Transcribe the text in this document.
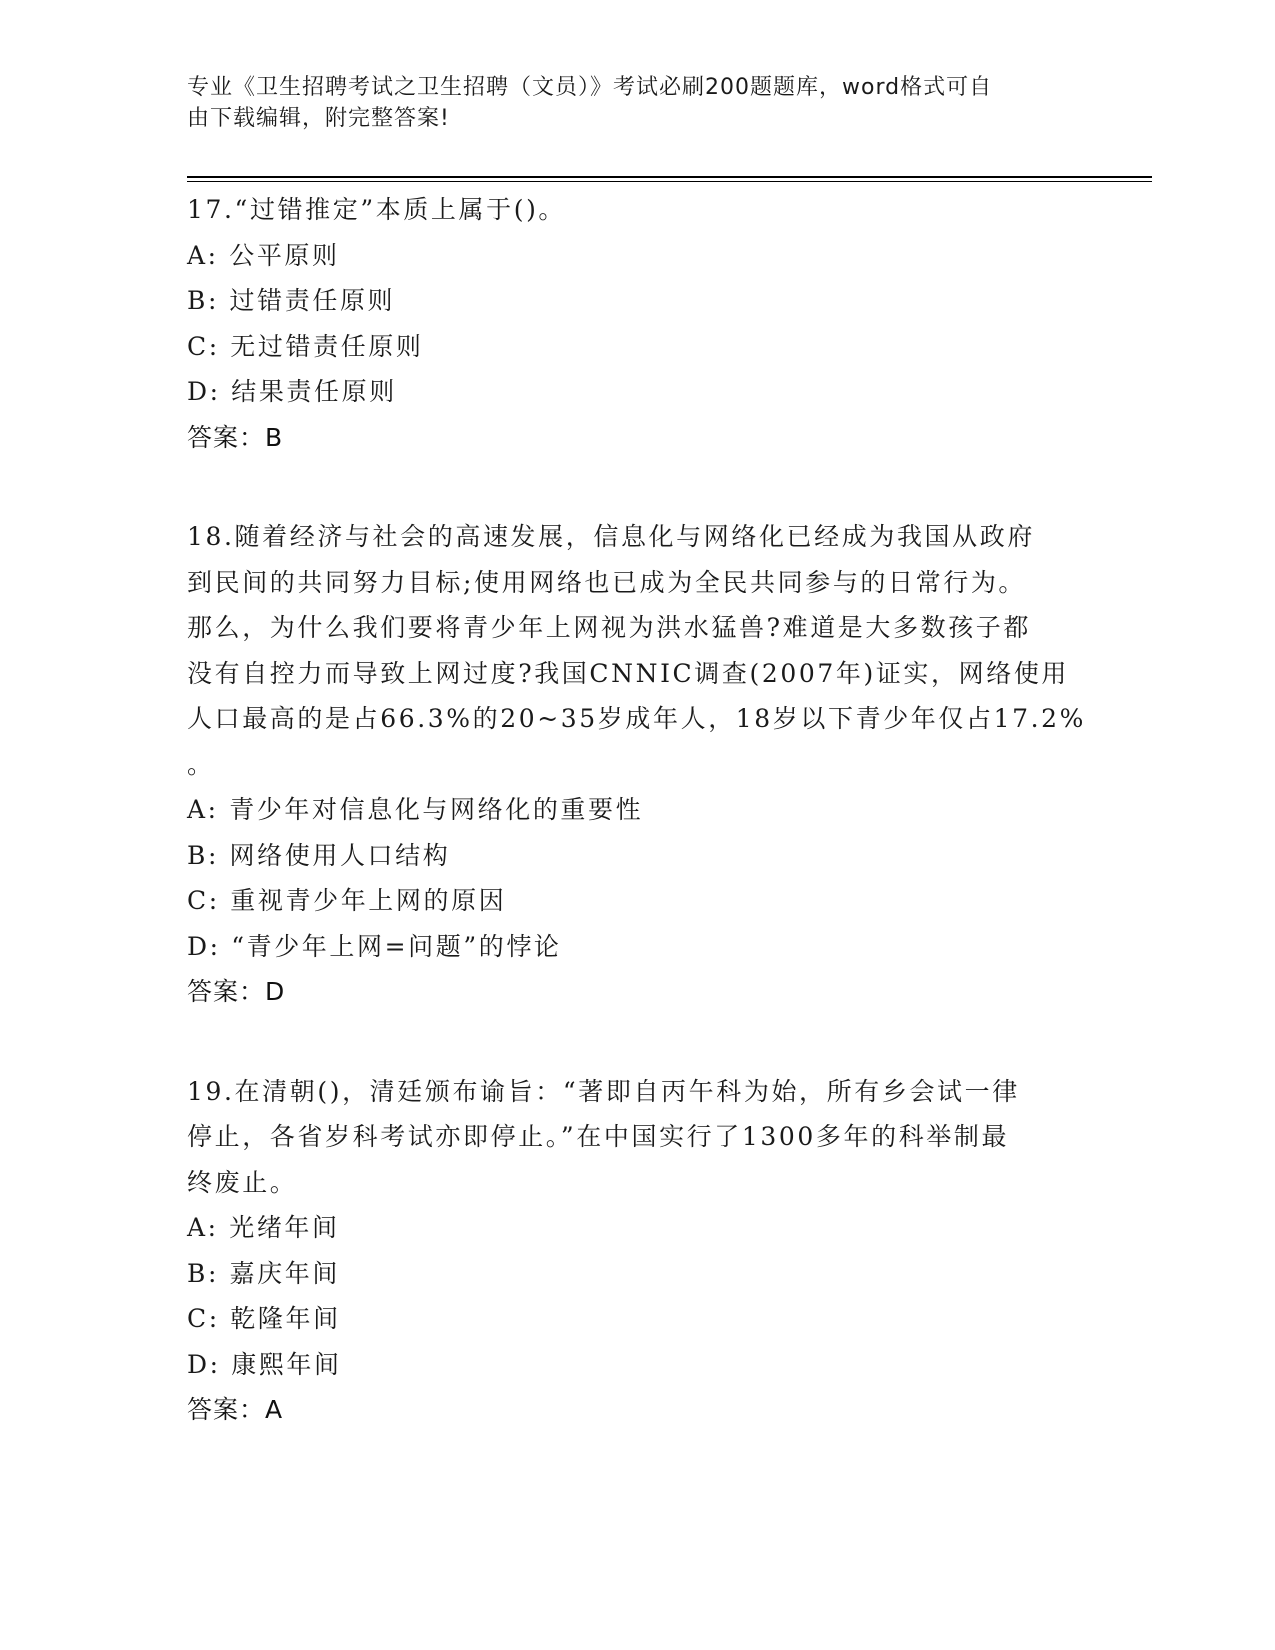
专业《卫生招聘考试之卫生招聘（文员）》考试必刷200题题库，word格式可自
由下载编辑，附完整答案!
17.“过错推定”本质上属于()。
A: 公平原则
B: 过错责任原则
C: 无过错责任原则
D: 结果责任原则
答案：B
18.随着经济与社会的高速发展，信息化与网络化已经成为我国从政府
到民间的共同努力目标;使用网络也已成为全民共同参与的日常行为。
那么，为什么我们要将青少年上网视为洪水猛兽?难道是大多数孩子都
没有自控力而导致上网过度?我国CNNIC调查(2007年)证实，网络使用
人口最高的是占66.3%的20~35岁成年人，18岁以下青少年仅占17.2%
。
A: 青少年对信息化与网络化的重要性
B: 网络使用人口结构
C: 重视青少年上网的原因
D: “青少年上网=问题”的悖论
答案：D
19.在清朝()，清廷颁布谕旨：“著即自丙午科为始，所有乡会试一律
停止，各省岁科考试亦即停止。”在中国实行了1300多年的科举制最
终废止。
A: 光绪年间
B: 嘉庆年间
C: 乾隆年间
D: 康熙年间
答案：A
